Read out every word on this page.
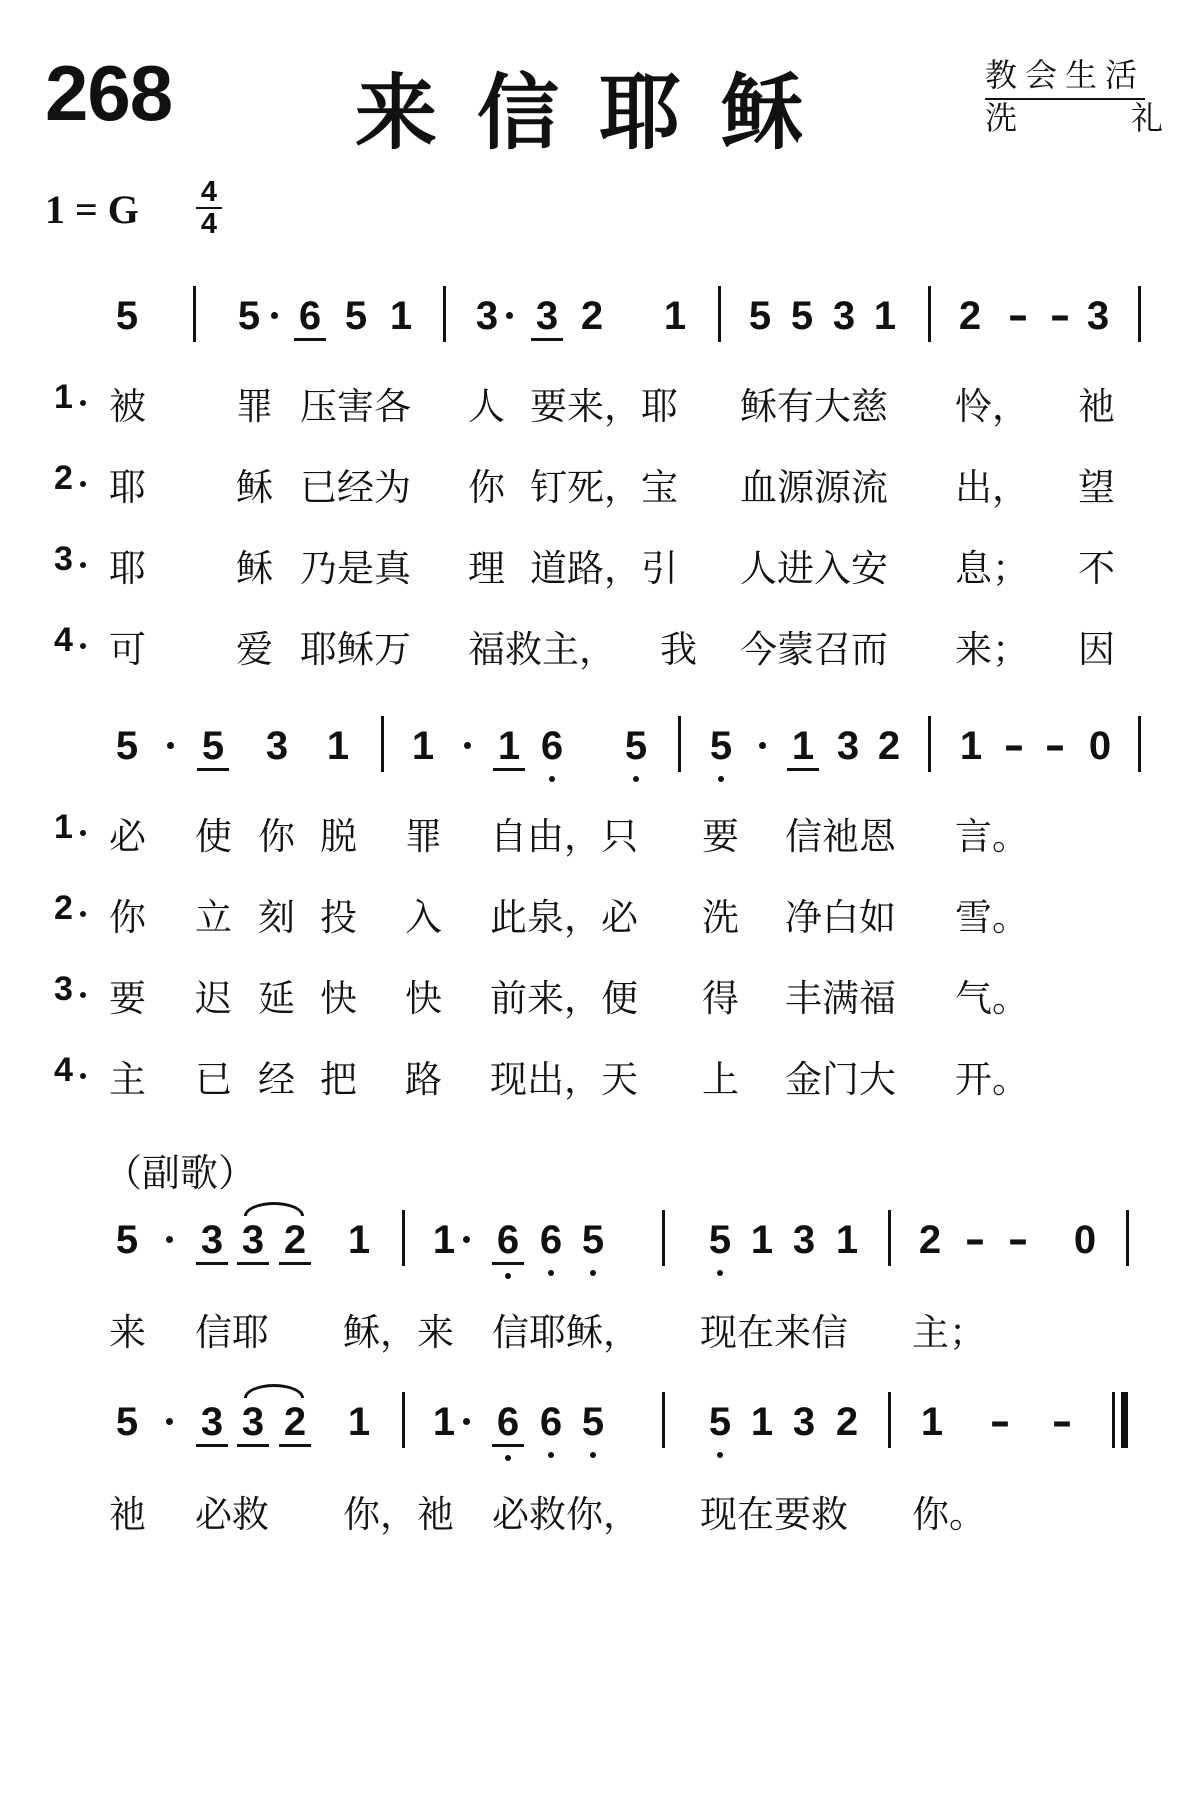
268 来信耶稣	教会生活
洗	礼
1 = G 4
4
5 5 6 5 1 3 3 2 1 5 5 3 1 2 – – 3
1 被 罪 压害各 人 要来，耶 稣有大慈 怜， 祂
2 耶 稣 已经为 你 钉死，宝 血源源流 出， 望
3 耶 稣 乃是真 理 道路，引 人进入安 息； 不
4 可 爱 耶稣万 福 救主， 我 今蒙召而 来； 因
5 5 3 1 1 1 6 5 5 1 3 2 1 – – 0
1 必 使 你 脱 罪 自由，只 要 信祂恩 言。
2 你 立 刻 投 入 此泉，必 洗 净白如 雪。
3 要 迟 延 快 快 前来，便 得 丰满福 气。
4 主 已 经 把 路 现出，天 上 金门大 开。
（副歌）
5 3 3 2 1 1 6 6 5	5 1 3 1 2 – – 0
来 信耶 稣，来 信耶稣， 现在来信 主；
5 3 3 2 1 1 6 6 5	5 1 3 2 1 – –
祂 必救 你，祂 必救你， 现在要救 你。
